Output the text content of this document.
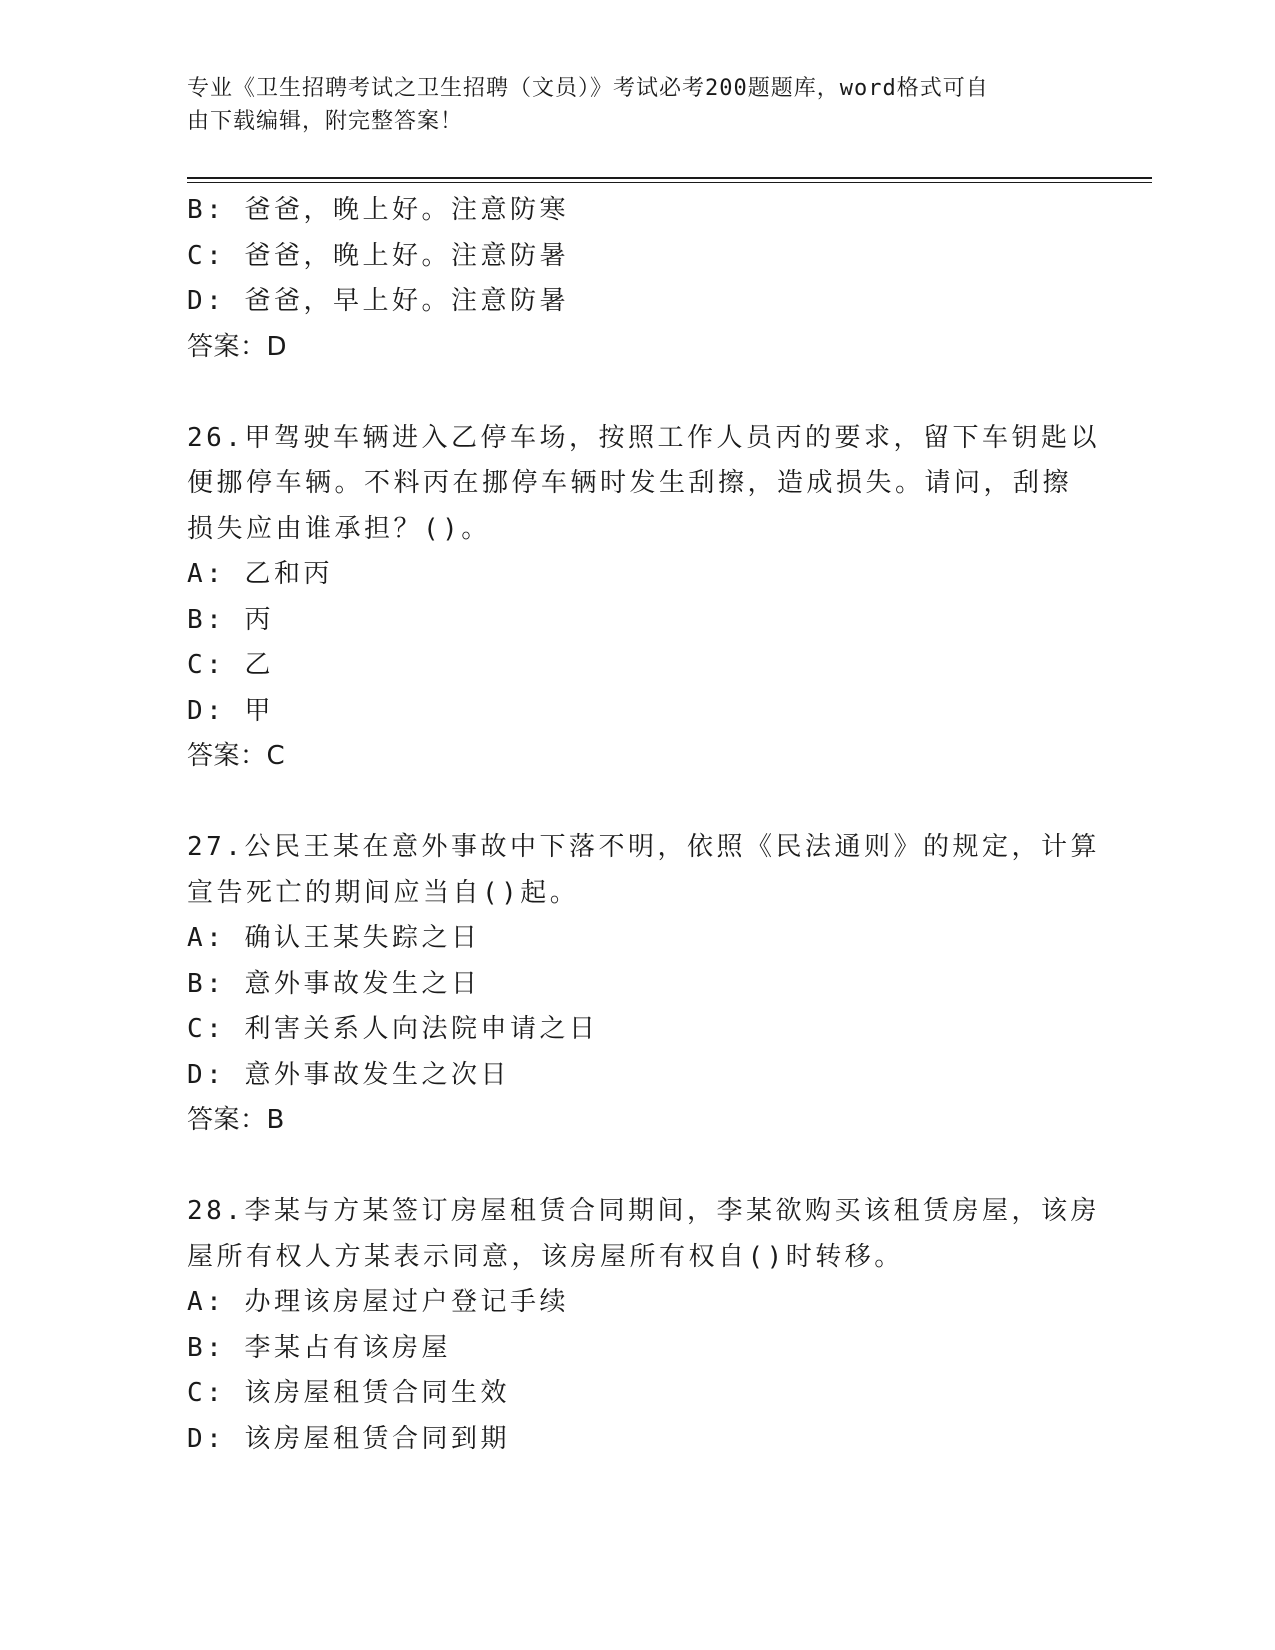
专业《卫生招聘考试之卫生招聘（文员）》考试必考200题题库，word格式可自
由下载编辑，附完整答案！
B: 爸爸，晚上好。注意防寒
C: 爸爸，晚上好。注意防暑
D: 爸爸，早上好。注意防暑
答案：D
26.甲驾驶车辆进入乙停车场，按照工作人员丙的要求，留下车钥匙以
便挪停车辆。不料丙在挪停车辆时发生刮擦，造成损失。请问，刮擦
损失应由谁承担？()。
A: 乙和丙
B: 丙
C: 乙
D: 甲
答案：C
27.公民王某在意外事故中下落不明，依照《民法通则》的规定，计算
宣告死亡的期间应当自()起。
A: 确认王某失踪之日
B: 意外事故发生之日
C: 利害关系人向法院申请之日
D: 意外事故发生之次日
答案：B
28.李某与方某签订房屋租赁合同期间，李某欲购买该租赁房屋，该房
屋所有权人方某表示同意，该房屋所有权自()时转移。
A: 办理该房屋过户登记手续
B: 李某占有该房屋
C: 该房屋租赁合同生效
D: 该房屋租赁合同到期
